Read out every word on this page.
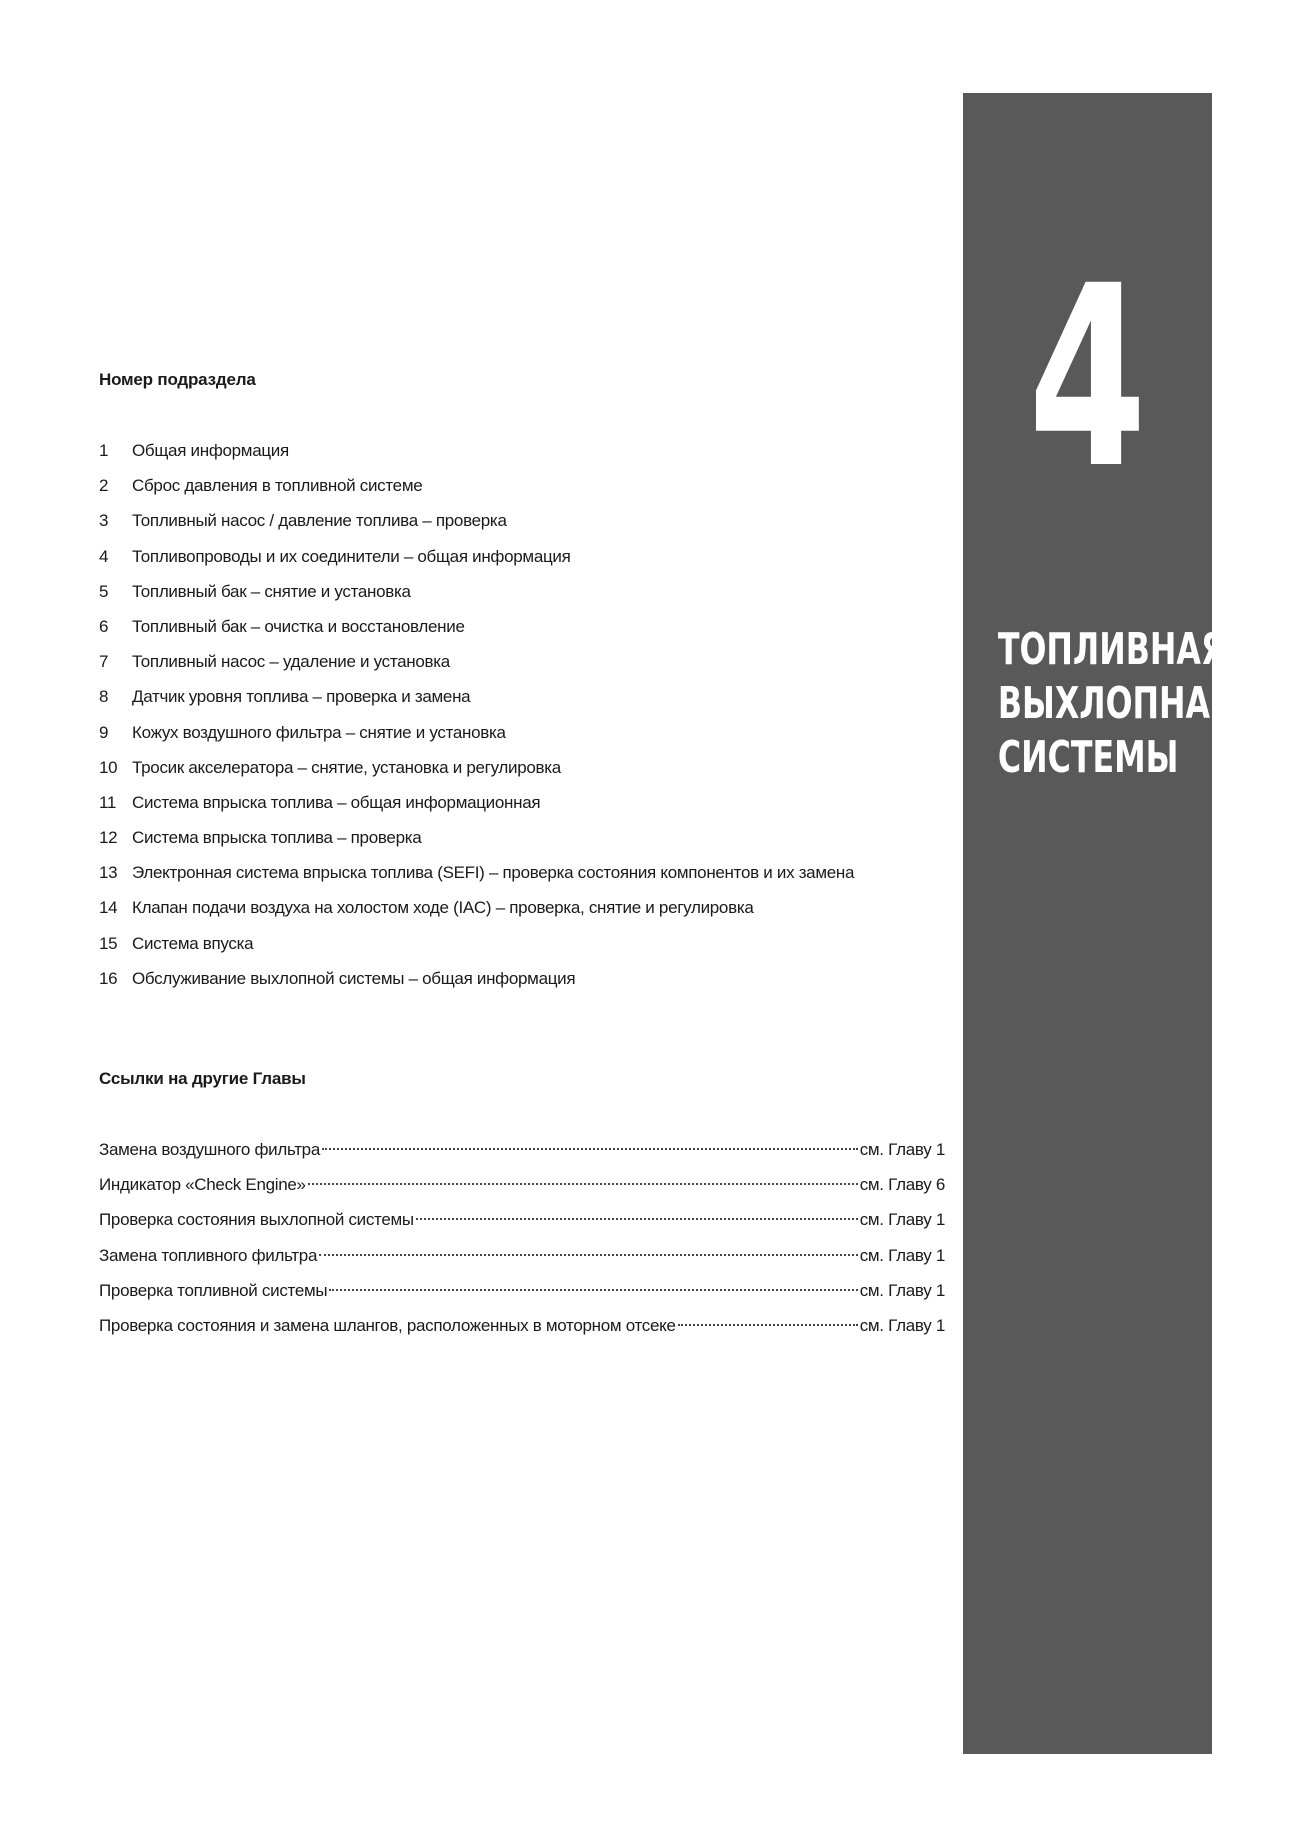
Номер подраздела
1 Общая информация
2 Сброс давления в топливной системе
3 Топливный насос / давление топлива – проверка
4 Топливопроводы и их соединители – общая информация
5 Топливный бак – снятие и установка
6 Топливный бак – очистка и восстановление
7 Топливный насос – удаление и установка
8 Датчик уровня топлива – проверка и замена
9 Кожух воздушного фильтра – снятие и установка
10 Тросик акселератора – снятие, установка и регулировка
11 Система впрыска топлива – общая информационная
12 Система впрыска топлива – проверка
13 Электронная система впрыска топлива (SEFI) – проверка состояния компонентов и их замена
14 Клапан подачи воздуха на холостом ходе (IAC) – проверка, снятие и регулировка
15 Система впуска
16 Обслуживание выхлопной системы – общая информация
Ссылки на другие Главы
Замена воздушного фильтра	см. Главу 1
Индикатор «Check Engine»	см. Главу 6
Проверка состояния выхлопной системы	см. Главу 1
Замена топливного фильтра	см. Главу 1
Проверка топливной системы	см. Главу 1
Проверка состояния и замена шлангов, расположенных в моторном отсеке	см. Главу 1
4
ТОПЛИВНАЯ И
ВЫХЛОПНАЯ
СИСТЕМЫ
